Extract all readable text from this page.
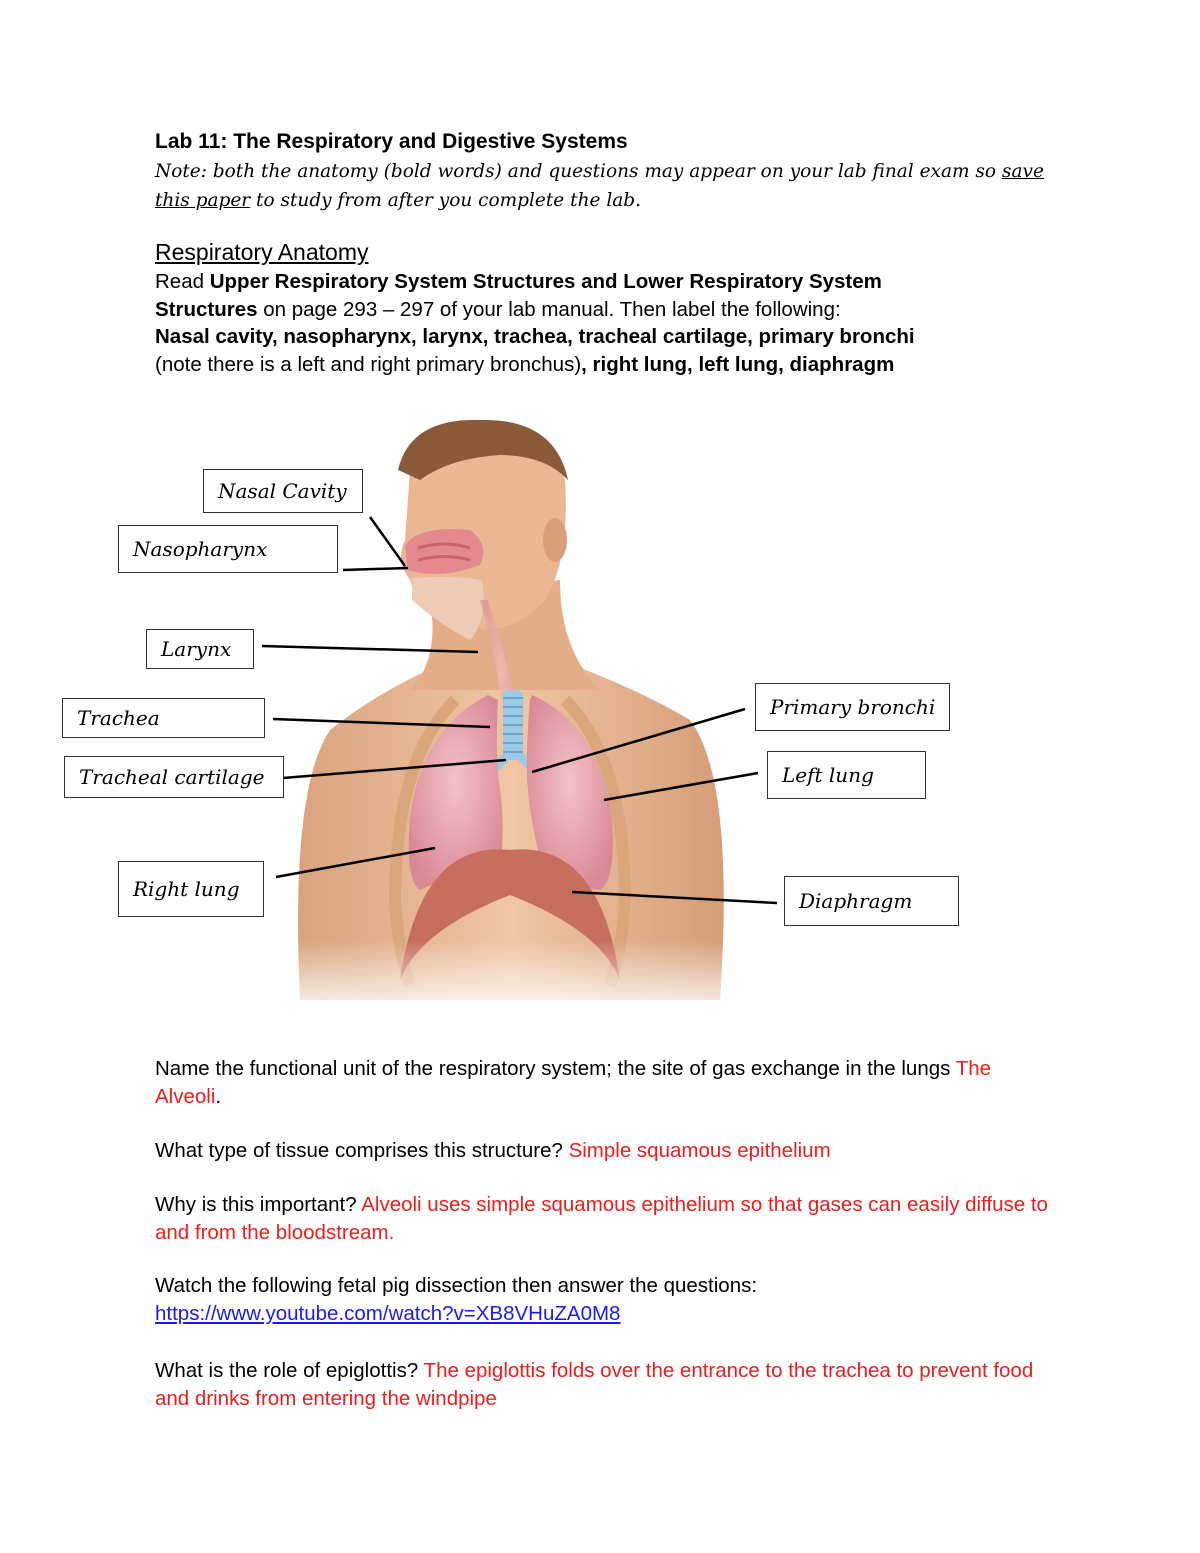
Lab 11: The Respiratory and Digestive Systems
Note: both the anatomy (bold words) and questions may appear on your lab final exam so save this paper to study from after you complete the lab.
Respiratory Anatomy
Read Upper Respiratory System Structures and Lower Respiratory System
Structures on page 293 – 297 of your lab manual. Then label the following:
Nasal cavity, nasopharynx, larynx, trachea, tracheal cartilage, primary bronchi
(note there is a left and right primary bronchus), right lung, left lung, diaphragm
Nasal Cavity
Nasopharynx
Larynx
Trachea
Tracheal cartilage
Right lung
Primary bronchi
Left lung
Diaphragm
Name the functional unit of the respiratory system; the site of gas exchange in the lungs The Alveoli.
What type of tissue comprises this structure? Simple squamous epithelium
Why is this important? Alveoli uses simple squamous epithelium so that gases can easily diffuse to and from the bloodstream.
Watch the following fetal pig dissection then answer the questions:
https://www.youtube.com/watch?v=XB8VHuZA0M8
What is the role of epiglottis? The epiglottis folds over the entrance to the trachea to prevent food and drinks from entering the windpipe
